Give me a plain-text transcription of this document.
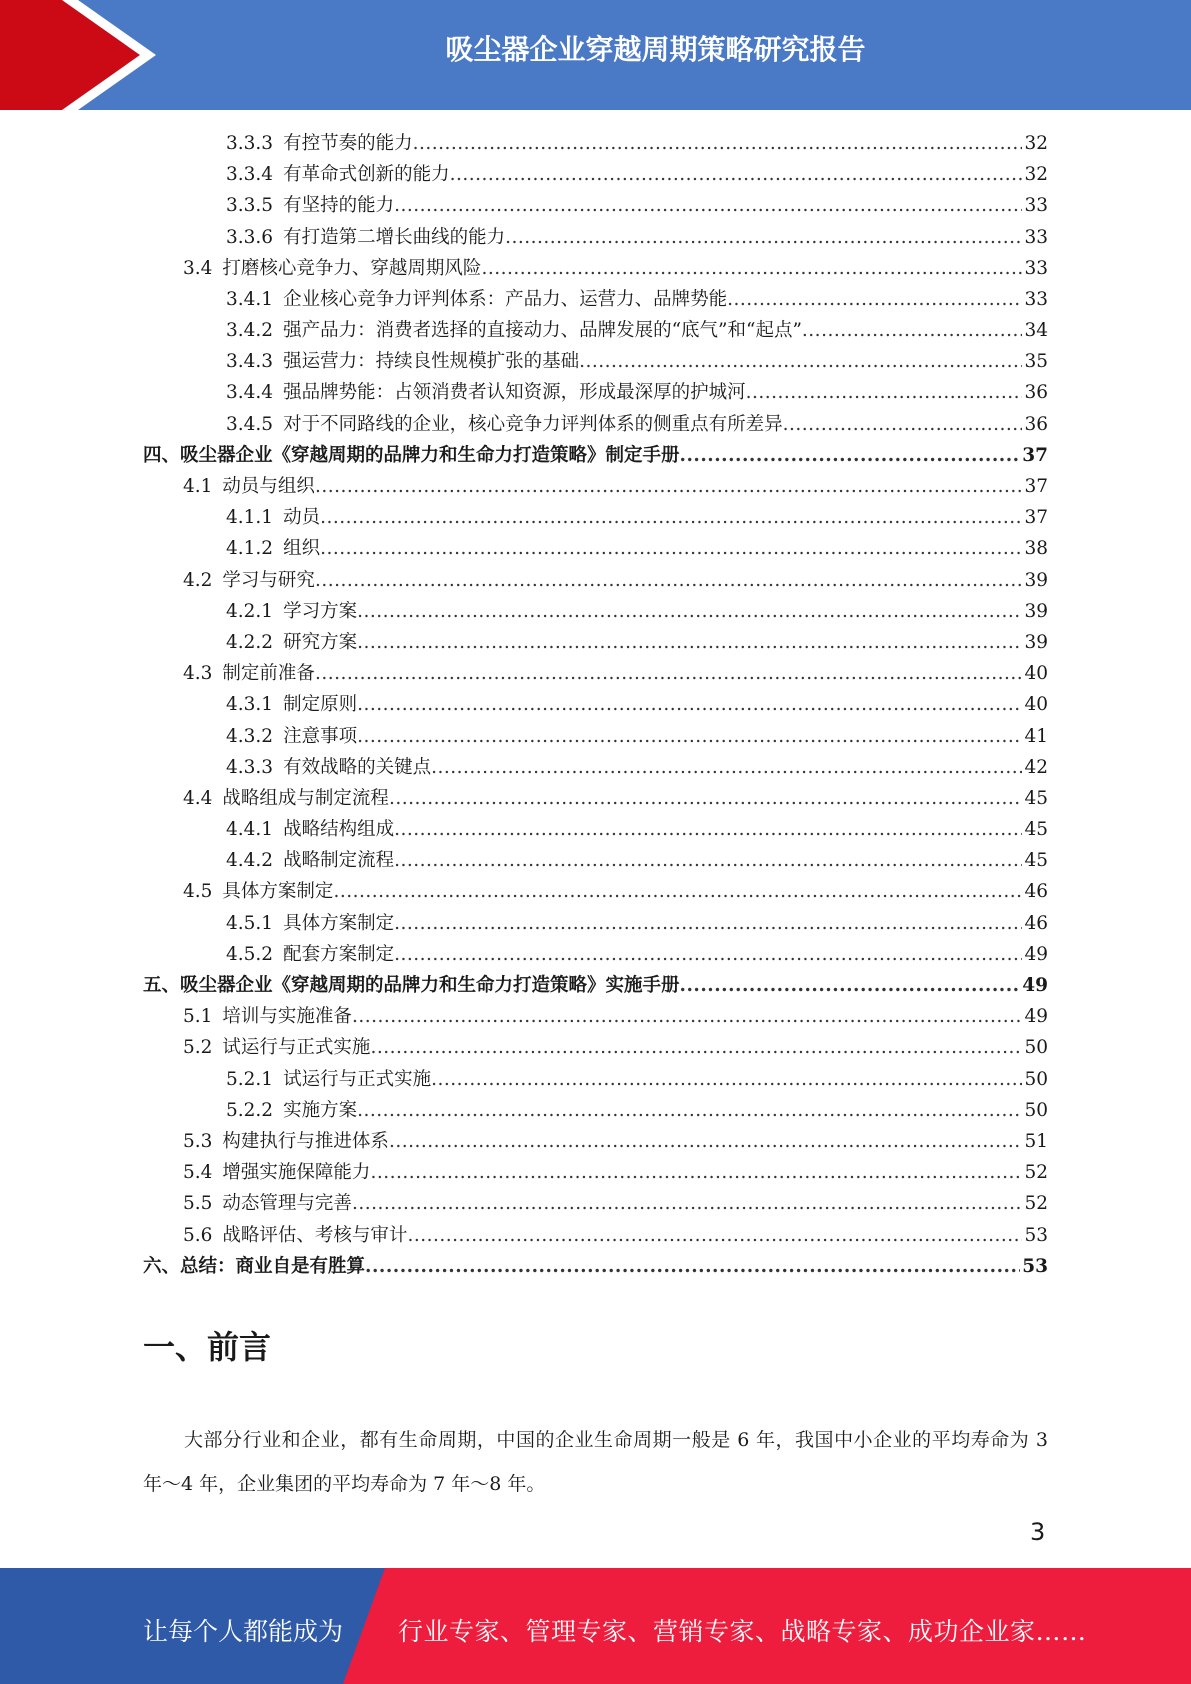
吸尘器企业穿越周期策略研究报告
3.3.3 有控节奏的能力 .....	32
3.3.4 有革命式创新的能力 .....	32
3.3.5 有坚持的能力 .....	33
3.3.6 有打造第二增长曲线的能力 .....	33
3.4 打磨核心竞争力、穿越周期风险 .....	33
3.4.1 企业核心竞争力评判体系：产品力、运营力、品牌势能 .....	33
3.4.2 强产品力：消费者选择的直接动力、品牌发展的“底气”和“起点” .....	34
3.4.3 强运营力：持续良性规模扩张的基础 .....	35
3.4.4 强品牌势能：占领消费者认知资源，形成最深厚的护城河 .....	36
3.4.5 对于不同路线的企业，核心竞争力评判体系的侧重点有所差异 .....	36
四、吸尘器企业《穿越周期的品牌力和生命力打造策略》制定手册 .....	37
4.1 动员与组织 .....	37
4.1.1 动员 .....	37
4.1.2 组织 .....	38
4.2 学习与研究 .....	39
4.2.1 学习方案 .....	39
4.2.2 研究方案 .....	39
4.3 制定前准备 .....	40
4.3.1 制定原则 .....	40
4.3.2 注意事项 .....	41
4.3.3 有效战略的关键点 .....	42
4.4 战略组成与制定流程 .....	45
4.4.1 战略结构组成 .....	45
4.4.2 战略制定流程 .....	45
4.5 具体方案制定 .....	46
4.5.1 具体方案制定 .....	46
4.5.2 配套方案制定 .....	49
五、吸尘器企业《穿越周期的品牌力和生命力打造策略》实施手册 .....	49
5.1 培训与实施准备 .....	49
5.2 试运行与正式实施 .....	50
5.2.1 试运行与正式实施 .....	50
5.2.2 实施方案 .....	50
5.3 构建执行与推进体系 .....	51
5.4 增强实施保障能力 .....	52
5.5 动态管理与完善 .....	52
5.6 战略评估、考核与审计 .....	53
六、总结：商业自是有胜算 .....	53
一、前言

大部分行业和企业，都有生命周期，中国的企业生命周期一般是 6 年，我国中小企业的平均寿命为 3 年～4 年，企业集团的平均寿命为 7 年～8 年。

3
让每个人都能成为 行业专家、管理专家、营销专家、战略专家、成功企业家……
